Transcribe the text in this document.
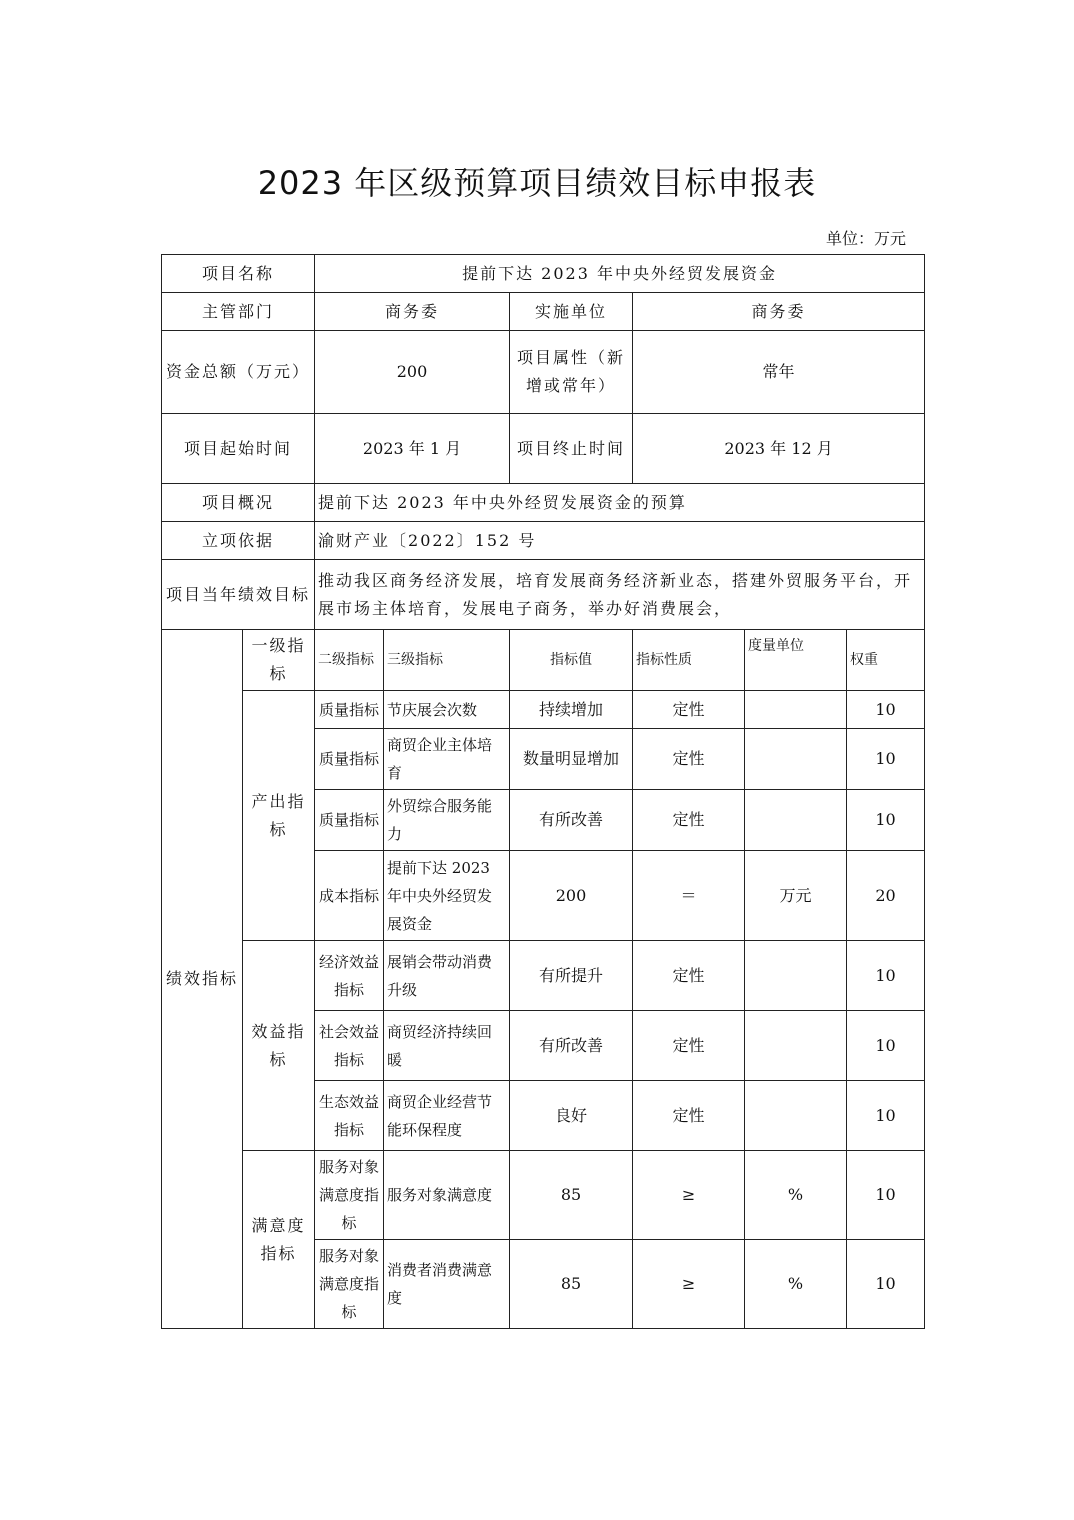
2023 年区级预算项目绩效目标申报表
单位：万元
项目名称		提前下达 2023 年中央外经贸发展资金					
主管部门		商务委		实施单位	商务委		
资金总额（万元）		200		项目属性（新增或常年）	常年		
项目起始时间		2023 年 1 月		项目终止时间	2023 年 12 月		
项目概况		提前下达 2023 年中央外经贸发展资金的预算					
立项依据		渝财产业〔2022〕152 号					
项目当年绩效目标		推动我区商务经济发展，培育发展商务经济新业态，搭建外贸服务平台，开展市场主体培育，发展电子商务，举办好消费展会，					
绩效指标	一级指标	二级指标	三级指标	指标值	指标性质	度量单位	权重
	产出指标	质量指标	节庆展会次数	持续增加	定性		10
		质量指标	商贸企业主体培育	数量明显增加	定性		10
		质量指标	外贸综合服务能力	有所改善	定性		10
		成本指标	提前下达 2023 年中央外经贸发展资金	200	＝	万元	20
	效益指标	经济效益指标	展销会带动消费升级	有所提升	定性		10
		社会效益指标	商贸经济持续回暖	有所改善	定性		10
		生态效益指标	商贸企业经营节能环保程度	良好	定性		10
	满意度指标	服务对象满意度指标	服务对象满意度	85	≥	%	10
		服务对象满意度指标	消费者消费满意度	85	≥	%	10
